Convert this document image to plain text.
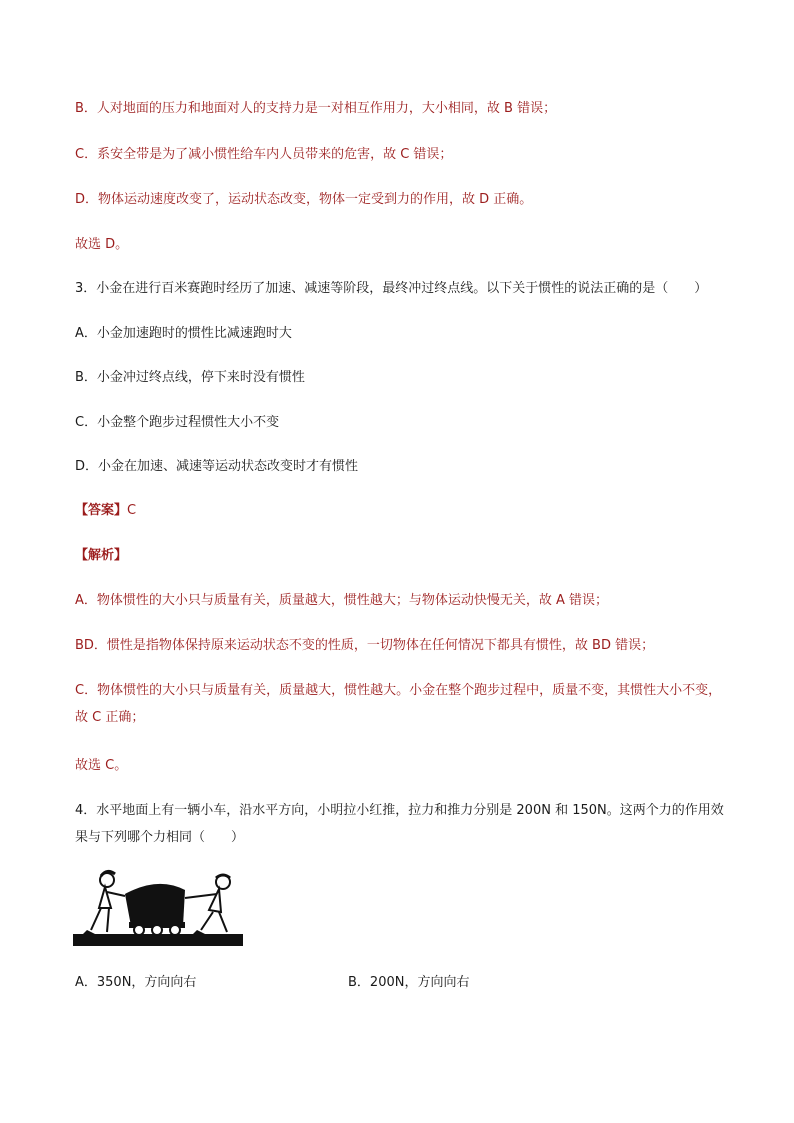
B．人对地面的压力和地面对人的支持力是一对相互作用力，大小相同，故 B 错误；
C．系安全带是为了减小惯性给车内人员带来的危害，故 C 错误；
D．物体运动速度改变了，运动状态改变，物体一定受到力的作用，故 D 正确。
故选 D。
3．小金在进行百米赛跑时经历了加速、减速等阶段，最终冲过终点线。以下关于惯性的说法正确的是（　　）
A．小金加速跑时的惯性比减速跑时大
B．小金冲过终点线，停下来时没有惯性
C．小金整个跑步过程惯性大小不变
D．小金在加速、减速等运动状态改变时才有惯性
【答案】C
【解析】
A．物体惯性的大小只与质量有关，质量越大，惯性越大；与物体运动快慢无关，故 A 错误；
BD．惯性是指物体保持原来运动状态不变的性质，一切物体在任何情况下都具有惯性，故 BD 错误；
C．物体惯性的大小只与质量有关，质量越大，惯性越大。小金在整个跑步过程中，质量不变，其惯性大小不变，故 C 正确；
故选 C。
4．水平地面上有一辆小车，沿水平方向，小明拉小红推，拉力和推力分别是 200N 和 150N。这两个力的作用效果与下列哪个力相同（　　）
A．350N，方向向右	B．200N，方向向右
